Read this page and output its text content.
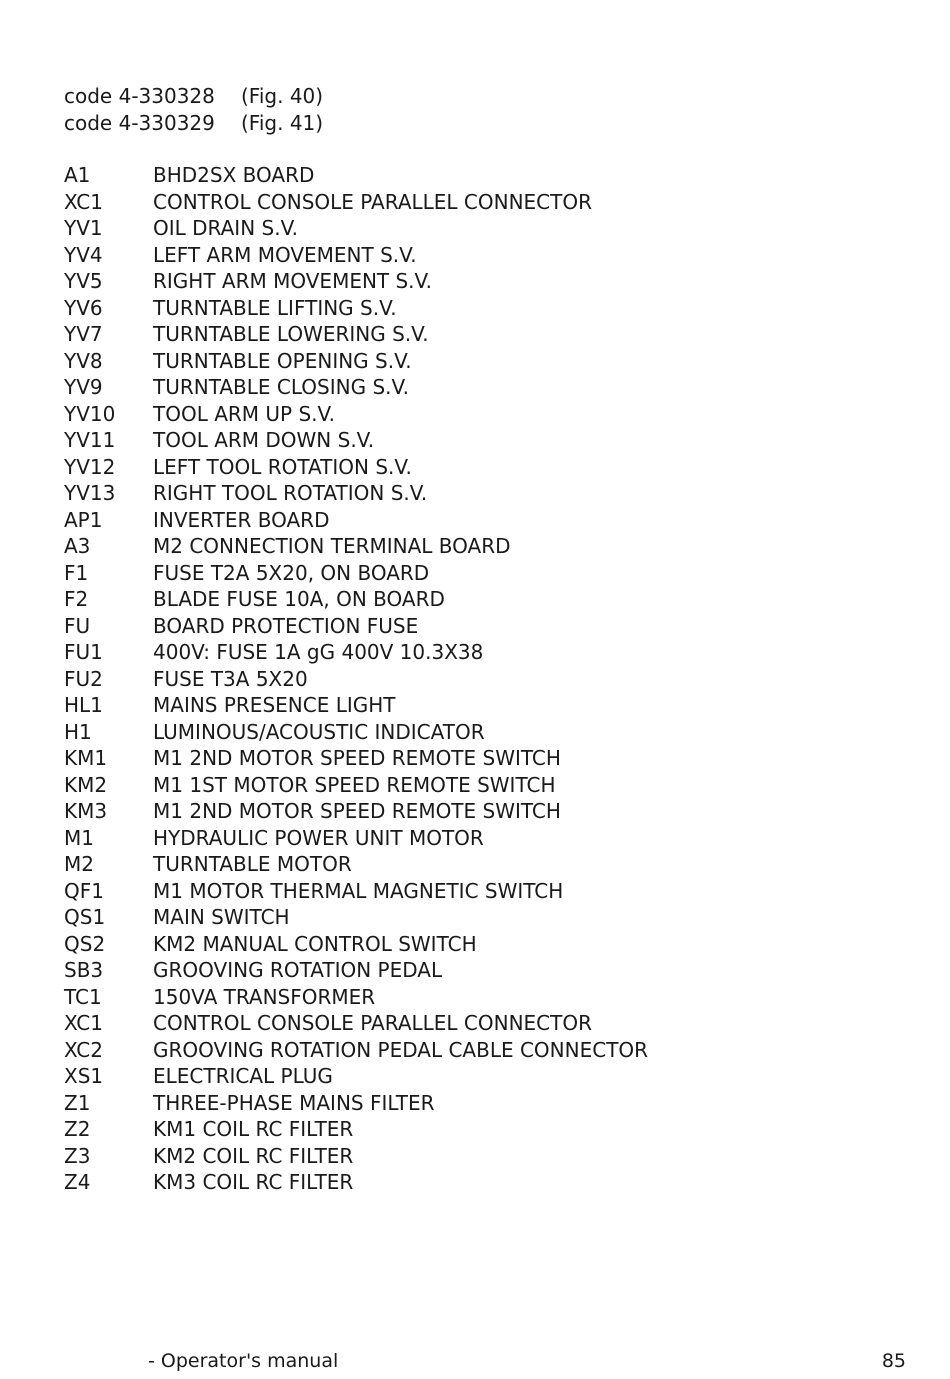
code 4-330328	(Fig. 40)
code 4-330329	(Fig. 41)
A1	BHD2SX BOARD
XC1	CONTROL CONSOLE PARALLEL CONNECTOR
YV1	OIL DRAIN S.V.
YV4	LEFT ARM MOVEMENT S.V.
YV5	RIGHT ARM MOVEMENT S.V.
YV6	TURNTABLE LIFTING S.V.
YV7	TURNTABLE LOWERING S.V.
YV8	TURNTABLE OPENING S.V.
YV9	TURNTABLE CLOSING S.V.
YV10	TOOL ARM UP S.V.
YV11	TOOL ARM DOWN S.V.
YV12	LEFT TOOL ROTATION S.V.
YV13	RIGHT TOOL ROTATION S.V.
AP1	INVERTER BOARD
A3	M2 CONNECTION TERMINAL BOARD
F1	FUSE T2A 5X20, ON BOARD
F2	BLADE FUSE 10A, ON BOARD
FU	BOARD PROTECTION FUSE
FU1	400V: FUSE 1A gG 400V 10.3X38
FU2	FUSE T3A 5X20
HL1	MAINS PRESENCE LIGHT
H1	LUMINOUS/ACOUSTIC INDICATOR
KM1	M1 2ND MOTOR SPEED REMOTE SWITCH
KM2	M1 1ST MOTOR SPEED REMOTE SWITCH
KM3	M1 2ND MOTOR SPEED REMOTE SWITCH
M1	HYDRAULIC POWER UNIT MOTOR
M2	TURNTABLE MOTOR
QF1	M1 MOTOR THERMAL MAGNETIC SWITCH
QS1	MAIN SWITCH
QS2	KM2 MANUAL CONTROL SWITCH
SB3	GROOVING ROTATION PEDAL
TC1	150VA TRANSFORMER
XC1	CONTROL CONSOLE PARALLEL CONNECTOR
XC2	GROOVING ROTATION PEDAL CABLE CONNECTOR
XS1	ELECTRICAL PLUG
Z1	THREE-PHASE MAINS FILTER
Z2	KM1 COIL RC FILTER
Z3	KM2 COIL RC FILTER
Z4	KM3 COIL RC FILTER
- Operator's manual	85
